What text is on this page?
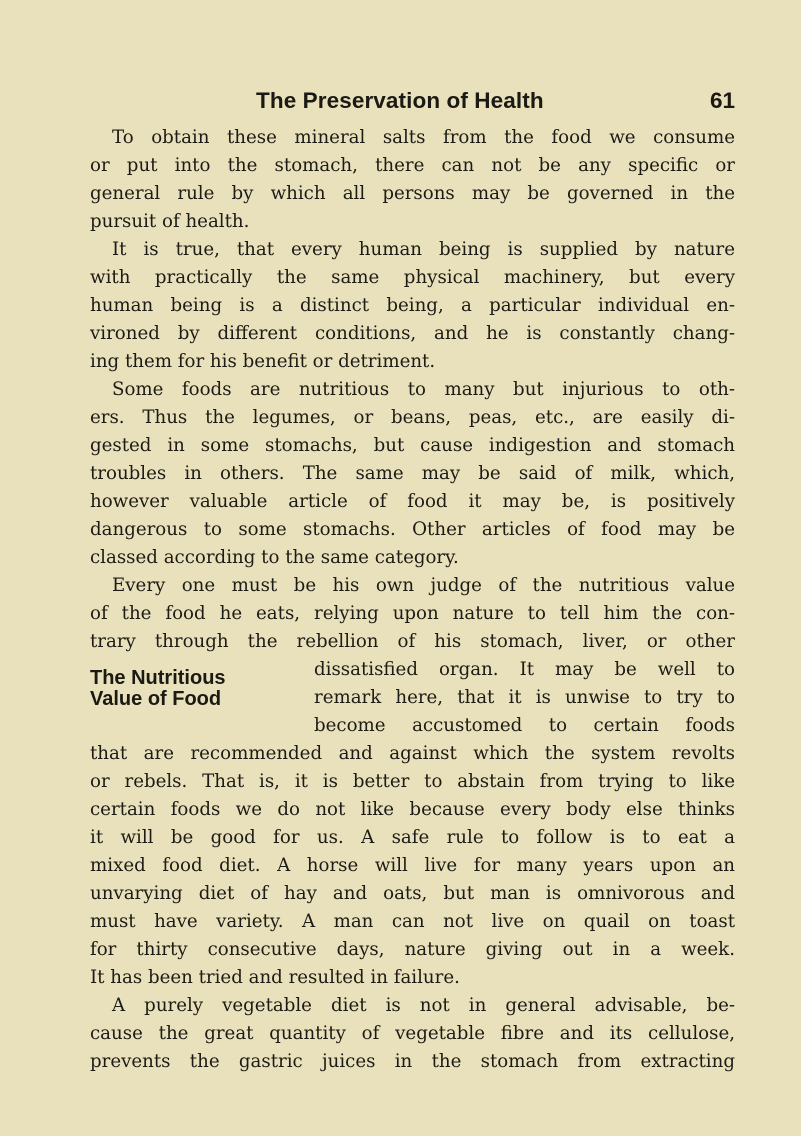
The Preservation of Health	61
The Nutritious
Value of Food
To obtain these mineral salts from the food we consume
or put into the stomach, there can not be any specific or
general rule by which all persons may be governed in the
pursuit of health.
It is true, that every human being is supplied by nature
with practically the same physical machinery, but every
human being is a distinct being, a particular individual en-
vironed by different conditions, and he is constantly chang-
ing them for his benefit or detriment.
Some foods are nutritious to many but injurious to oth-
ers. Thus the legumes, or beans, peas, etc., are easily di-
gested in some stomachs, but cause indigestion and stomach
troubles in others. The same may be said of milk, which,
however valuable article of food it may be, is positively
dangerous to some stomachs. Other articles of food may be
classed according to the same category.
Every one must be his own judge of the nutritious value
of the food he eats, relying upon nature to tell him the con-
trary through the rebellion of his stomach, liver, or other
dissatisfied organ. It may be well to
remark here, that it is unwise to try to
become accustomed to certain foods
that are recommended and against which the system revolts
or rebels. That is, it is better to abstain from trying to like
certain foods we do not like because every body else thinks
it will be good for us. A safe rule to follow is to eat a
mixed food diet. A horse will live for many years upon an
unvarying diet of hay and oats, but man is omnivorous and
must have variety. A man can not live on quail on toast
for thirty consecutive days, nature giving out in a week.
It has been tried and resulted in failure.
A purely vegetable diet is not in general advisable, be-
cause the great quantity of vegetable fibre and its cellulose,
prevents the gastric juices in the stomach from extracting
